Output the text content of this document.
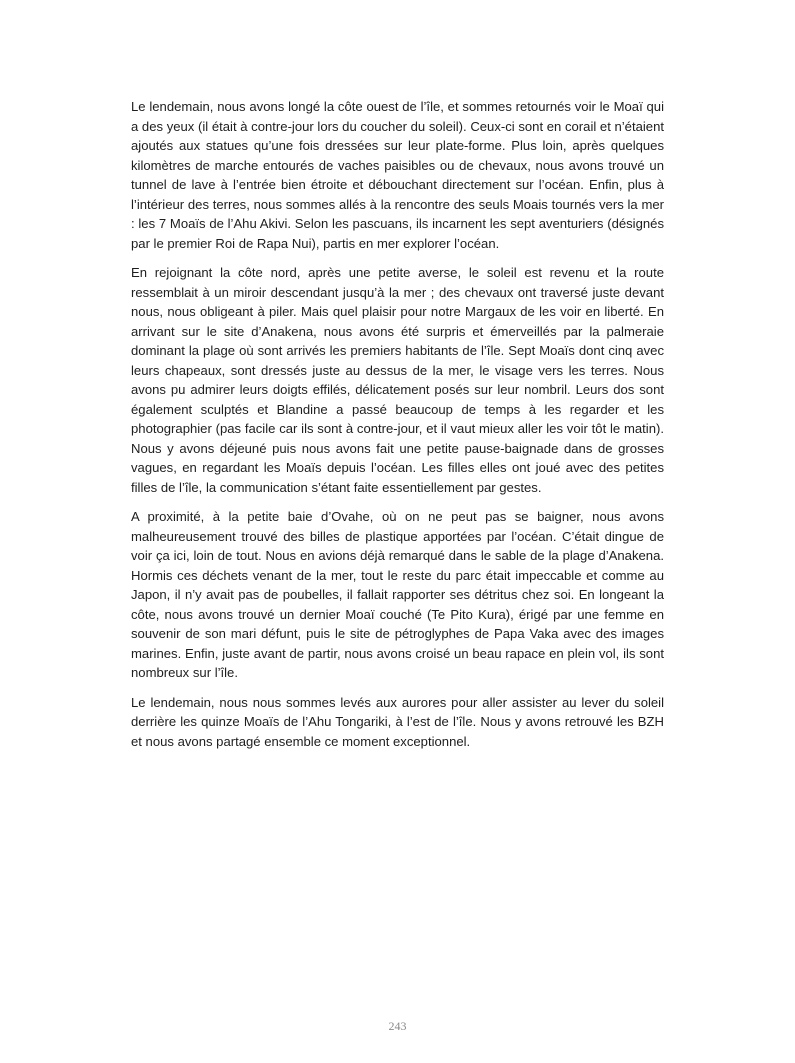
Le lendemain, nous avons longé la côte ouest de l’île, et sommes retournés voir le Moaï qui a des yeux (il était à contre-jour lors du coucher du soleil). Ceux-ci sont en corail et n’étaient ajoutés aux statues qu’une fois dressées sur leur plate-forme. Plus loin, après quelques kilomètres de marche entourés de vaches paisibles ou de chevaux, nous avons trouvé un tunnel de lave à l’entrée bien étroite et débouchant directement sur l’océan. Enfin, plus à l’intérieur des terres, nous sommes allés à la rencontre des seuls Moais tournés vers la mer : les 7 Moaïs de l’Ahu Akivi. Selon les pascuans, ils incarnent les sept aventuriers (désignés par le premier Roi de Rapa Nui), partis en mer explorer l’océan.

En rejoignant la côte nord, après une petite averse, le soleil est revenu et la route ressemblait à un miroir descendant jusqu’à la mer ; des chevaux ont traversé juste devant nous, nous obligeant à piler. Mais quel plaisir pour notre Margaux de les voir en liberté. En arrivant sur le site d’Anakena, nous avons été surpris et émerveillés par la palmeraie dominant la plage où sont arrivés les premiers habitants de l’île. Sept Moaïs dont cinq avec leurs chapeaux, sont dressés juste au dessus de la mer, le visage vers les terres. Nous avons pu admirer leurs doigts effilés, délicatement posés sur leur nombril. Leurs dos sont également sculptés et Blandine a passé beaucoup de temps à les regarder et les photographier (pas facile car ils sont à contre-jour, et il vaut mieux aller les voir tôt le matin). Nous y avons déjeuné puis nous avons fait une petite pause-baignade dans de grosses vagues, en regardant les Moaïs depuis l’océan. Les filles elles ont joué avec des petites filles de l’île, la communication s’étant faite essentiellement par gestes.

A proximité, à la petite baie d’Ovahe, où on ne peut pas se baigner, nous avons malheureusement trouvé des billes de plastique apportées par l’océan. C’était dingue de voir ça ici, loin de tout. Nous en avions déjà remarqué dans le sable de la plage d’Anakena. Hormis ces déchets venant de la mer, tout le reste du parc était impeccable et comme au Japon, il n’y avait pas de poubelles, il fallait rapporter ses détritus chez soi. En longeant la côte, nous avons trouvé un dernier Moaï couché (Te Pito Kura), érigé par une femme en souvenir de son mari défunt, puis le site de pétroglyphes de Papa Vaka avec des images marines. Enfin, juste avant de partir, nous avons croisé un beau rapace en plein vol, ils sont nombreux sur l’île.

Le lendemain, nous nous sommes levés aux aurores pour aller assister au lever du soleil derrière les quinze Moaïs de l’Ahu Tongariki, à l’est de l’île. Nous y avons retrouvé les BZH et nous avons partagé ensemble ce moment exceptionnel.

243
